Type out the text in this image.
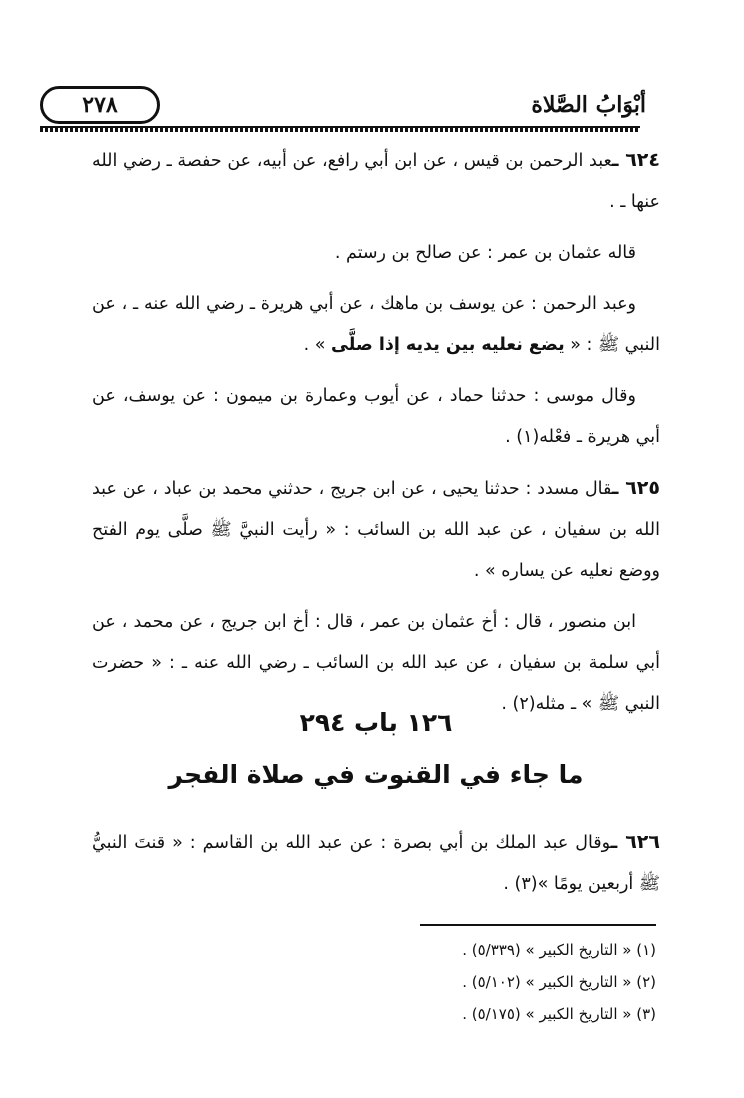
٢٧٨	أبْوَابُ الصَّلاة

٦٢٤ ـعبد الرحمن بن قيس ، عن ابن أبي رافع، عن أبيه، عن حفصة ـ رضي الله عنها ـ .

قاله عثمان بن عمر : عن صالح بن رستم .

وعبد الرحمن : عن يوسف بن ماهك ، عن أبي هريرة ـ رضي الله عنه ـ ، عن النبي ﷺ : « يضع نعليه بين يديه إذا صلَّى » .

وقال موسى : حدثنا حماد ، عن أيوب وعمارة بن ميمون : عن يوسف، عن أبي هريرة ـ فعْله(١) .

٦٢٥ ـقال مسدد : حدثنا يحيى ، عن ابن جريج ، حدثني محمد بن عباد ، عن عبد الله بن سفيان ، عن عبد الله بن السائب : « رأيت النبيَّ ﷺ صلَّى يوم الفتح ووضع نعليه عن يساره » .

ابن منصور ، قال : أخ عثمان بن عمر ، قال : أخ ابن جريج ، عن محمد ، عن أبي سلمة بن سفيان ، عن عبد الله بن السائب ـ رضي الله عنه ـ : « حضرت النبي ﷺ » ـ مثله(٢) .

١٢٦ باب ٢٩٤
ما جاء في القنوت في صلاة الفجر

٦٢٦ ـوقال عبد الملك بن أبي بصرة : عن عبد الله بن القاسم : « قنتَ النبيُّ ﷺ أربعين يومًا »(٣) .

(١) « التاريخ الكبير » (٥/٣٣٩) .
(٢) « التاريخ الكبير » (٥/١٠٢) .
(٣) « التاريخ الكبير » (٥/١٧٥) .
